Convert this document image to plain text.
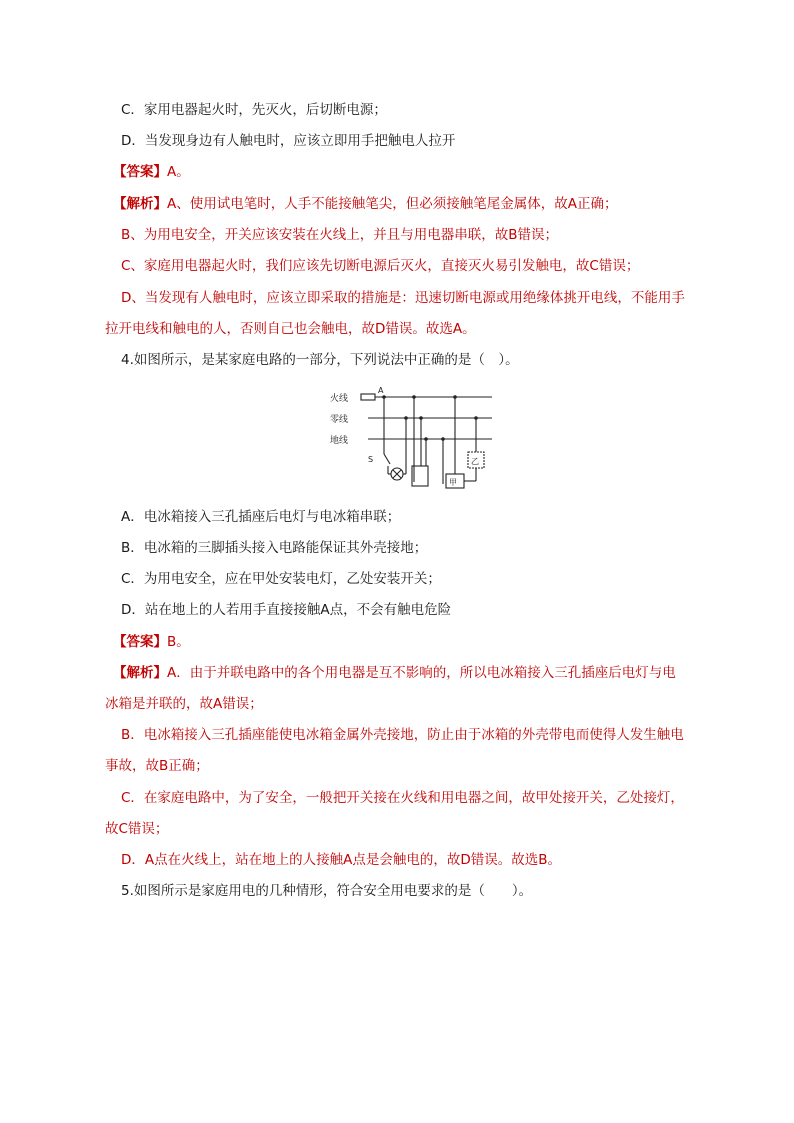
C．家用电器起火时，先灭火，后切断电源；
D．当发现身边有人触电时，应该立即用手把触电人拉开
【答案】A。
【解析】A、使用试电笔时，人手不能接触笔尖，但必须接触笔尾金属体，故A正确；
B、为用电安全，开关应该安装在火线上，并且与用电器串联，故B错误；
C、家庭用电器起火时，我们应该先切断电源后灭火，直接灭火易引发触电，故C错误；
D、当发现有人触电时，应该立即采取的措施是：迅速切断电源或用绝缘体挑开电线，不能用手
拉开电线和触电的人，否则自己也会触电，故D错误。故选A。
4.如图所示，是某家庭电路的一部分，下列说法中正确的是（　）。
火线
零线
地线
A
S
甲
乙
A．电冰箱接入三孔插座后电灯与电冰箱串联；
B．电冰箱的三脚插头接入电路能保证其外壳接地；
C．为用电安全，应在甲处安装电灯，乙处安装开关；
D．站在地上的人若用手直接接触A点，不会有触电危险
【答案】B。
【解析】A．由于并联电路中的各个用电器是互不影响的，所以电冰箱接入三孔插座后电灯与电
冰箱是并联的，故A错误；
B．电冰箱接入三孔插座能使电冰箱金属外壳接地，防止由于冰箱的外壳带电而使得人发生触电
事故，故B正确；
C．在家庭电路中，为了安全，一般把开关接在火线和用电器之间，故甲处接开关，乙处接灯，
故C错误；
D．A点在火线上，站在地上的人接触A点是会触电的，故D错误。故选B。
5.如图所示是家庭用电的几种情形，符合安全用电要求的是（　　）。
